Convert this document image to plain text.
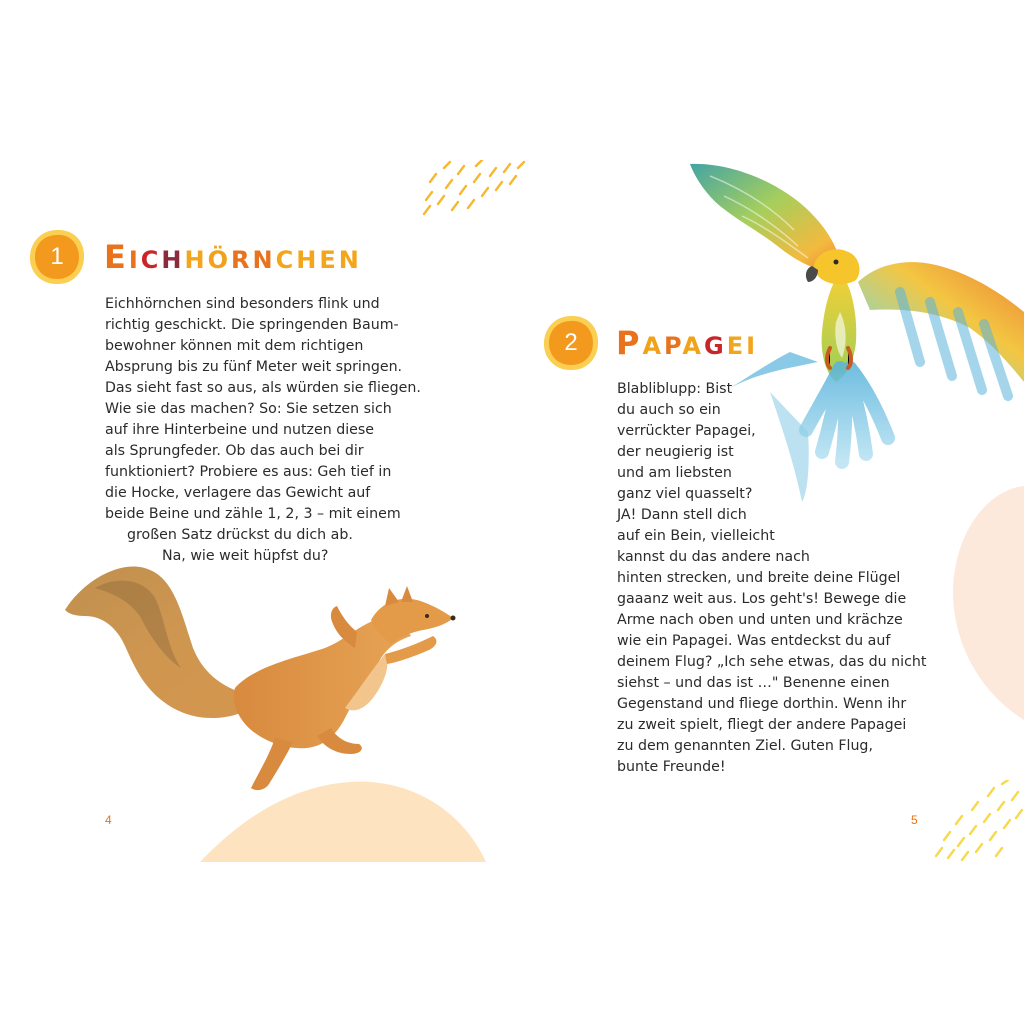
1	EICHHÖRNCHEN

Eichhörnchen sind besonders flink und

richtig geschickt. Die springenden Baum-

bewohner können mit dem richtigen

Absprung bis zu fünf Meter weit springen.

Das sieht fast so aus, als würden sie fliegen.

Wie sie das machen? So: Sie setzen sich

auf ihre Hinterbeine und nutzen diese

als Sprungfeder. Ob das auch bei dir

funktioniert? Probiere es aus: Geh tief in

die Hocke, verlagere das Gewicht auf

beide Beine und zähle 1, 2, 3 – mit einem

großen Satz drückst du dich ab.

Na, wie weit hüpfst du?

4
2	PAPAGEI

Blabliblupp: Bist

du auch so ein

verrückter Papagei,

der neugierig ist

und am liebsten

ganz viel quasselt?

JA! Dann stell dich

auf ein Bein, vielleicht

kannst du das andere nach

hinten strecken, und breite deine Flügel

gaaanz weit aus. Los geht's! Bewege die

Arme nach oben und unten und krächze

wie ein Papagei. Was entdeckst du auf

deinem Flug? „Ich sehe etwas, das du nicht

siehst – und das ist …" Benenne einen

Gegenstand und fliege dorthin. Wenn ihr

zu zweit spielt, fliegt der andere Papagei

zu dem genannten Ziel. Guten Flug,

bunte Freunde!

5
